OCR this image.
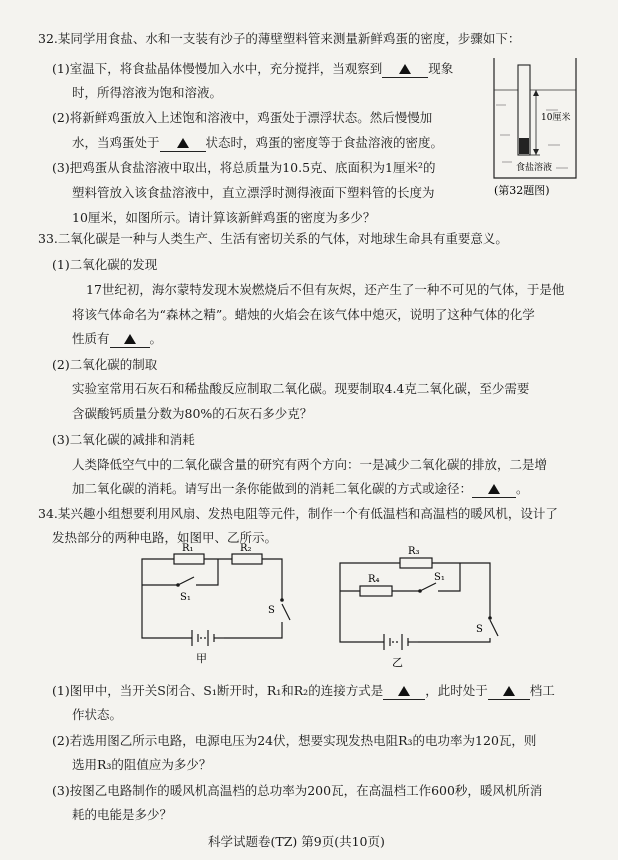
32.某同学用食盐、水和一支装有沙子的薄壁塑料管来测量新鲜鸡蛋的密度，步骤如下：
(1)室温下，将食盐晶体慢慢加入水中，充分搅拌，当观察到	现象
时，所得溶液为饱和溶液。
(2)将新鲜鸡蛋放入上述饱和溶液中，鸡蛋处于漂浮状态。然后慢慢加
水，当鸡蛋处于	状态时，鸡蛋的密度等于食盐溶液的密度。
(3)把鸡蛋从食盐溶液中取出，将总质量为10.5克、底面积为1厘米²的
塑料管放入该食盐溶液中，直立漂浮时测得液面下塑料管的长度为
10厘米，如图所示。请计算该新鲜鸡蛋的密度为多少？
10厘米
食盐溶液
(第32题图)
33.二氧化碳是一种与人类生产、生活有密切关系的气体，对地球生命具有重要意义。
(1)二氧化碳的发现
17世纪初，海尔蒙特发现木炭燃烧后不但有灰烬，还产生了一种不可见的气体，于是他
将该气体命名为“森林之精”。蜡烛的火焰会在该气体中熄灭，说明了这种气体的化学
性质有	。
(2)二氧化碳的制取
实验室常用石灰石和稀盐酸反应制取二氧化碳。现要制取4.4克二氧化碳，至少需要
含碳酸钙质量分数为80%的石灰石多少克？
(3)二氧化碳的减排和消耗
人类降低空气中的二氧化碳含量的研究有两个方向：一是减少二氧化碳的排放，二是增
加二氧化碳的消耗。请写出一条你能做到的消耗二氧化碳的方式或途径：	。
34.某兴趣小组想要利用风扇、发热电阻等元件，制作一个有低温档和高温档的暖风机，设计了
发热部分的两种电路，如图甲、乙所示。
R₁	R₂
S₁
S
甲
R₃
R₄	S₁
S
乙
(1)图甲中，当开关S闭合、S₁断开时，R₁和R₂的连接方式是	，此时处于	档工
作状态。
(2)若选用图乙所示电路，电源电压为24伏，想要实现发热电阻R₃的电功率为120瓦，则
选用R₃的阻值应为多少？
(3)按图乙电路制作的暖风机高温档的总功率为200瓦，在高温档工作600秒，暖风机所消
耗的电能是多少？
科学试题卷(TZ) 第9页(共10页)
